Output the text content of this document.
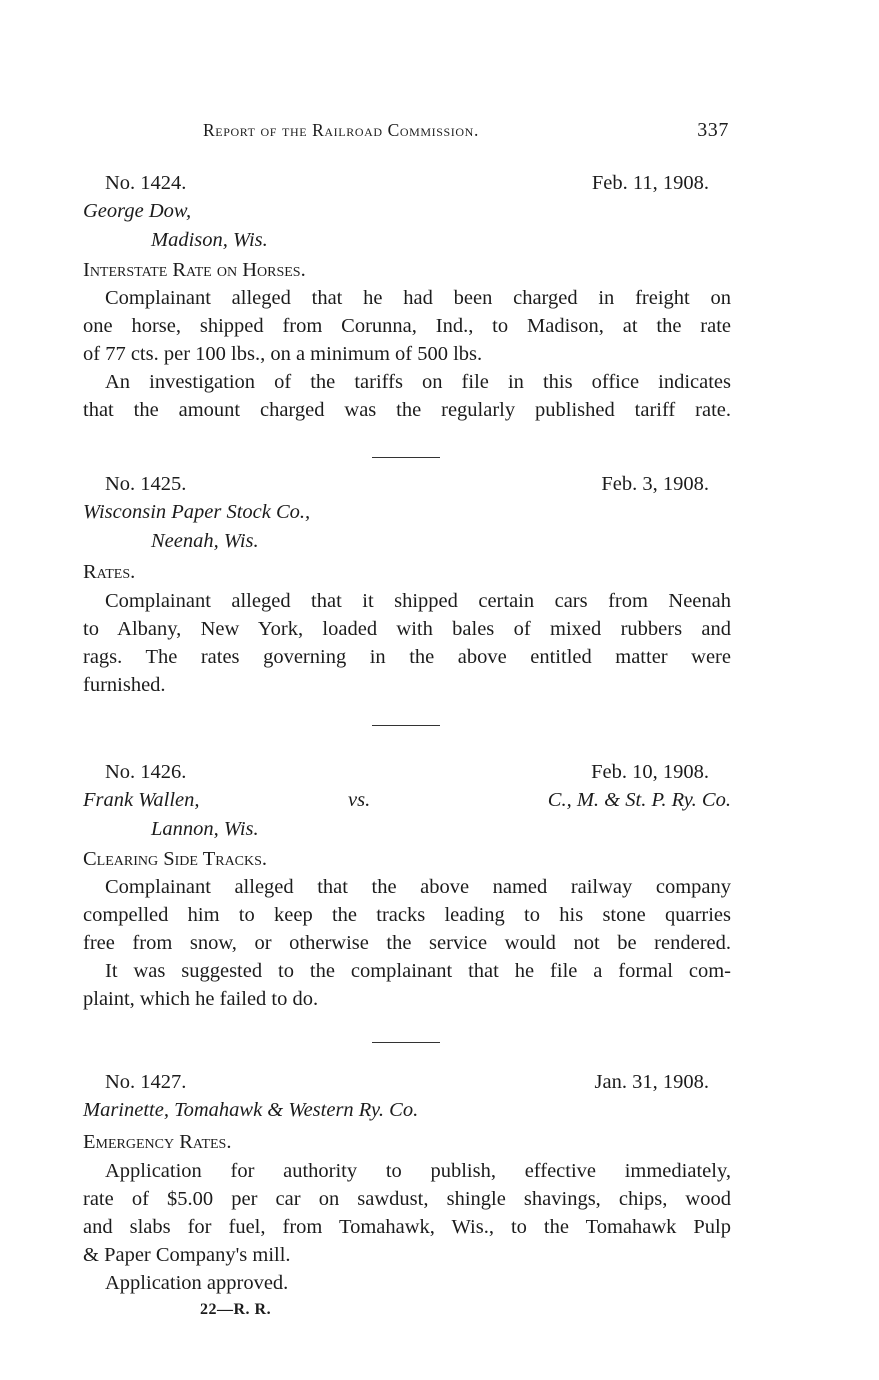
Report of the Railroad Commission.	337
No. 1424.	Feb. 11, 1908.
George Dow,
Madison, Wis.
Interstate Rate on Horses.
Complainant alleged that he had been charged in freight on
one horse, shipped from Corunna, Ind., to Madison, at the rate
of 77 cts. per 100 lbs., on a minimum of 500 lbs.
An investigation of the tariffs on file in this office indicates
that the amount charged was the regularly published tariff rate.
No. 1425.	Feb. 3, 1908.
Wisconsin Paper Stock Co.,
Neenah, Wis.
Rates.
Complainant alleged that it shipped certain cars from Neenah
to Albany, New York, loaded with bales of mixed rubbers and
rags. The rates governing in the above entitled matter were
furnished.
No. 1426.	Feb. 10, 1908.
Frank Wallen,	vs.	C., M. & St. P. Ry. Co.
Lannon, Wis.
Clearing Side Tracks.
Complainant alleged that the above named railway company
compelled him to keep the tracks leading to his stone quarries
free from snow, or otherwise the service would not be rendered.
It was suggested to the complainant that he file a formal com-
plaint, which he failed to do.
No. 1427.	Jan. 31, 1908.
Marinette, Tomahawk & Western Ry. Co.
Emergency Rates.
Application for authority to publish, effective immediately,
rate of $5.00 per car on sawdust, shingle shavings, chips, wood
and slabs for fuel, from Tomahawk, Wis., to the Tomahawk Pulp
& Paper Company's mill.
Application approved.
22—R. R.
